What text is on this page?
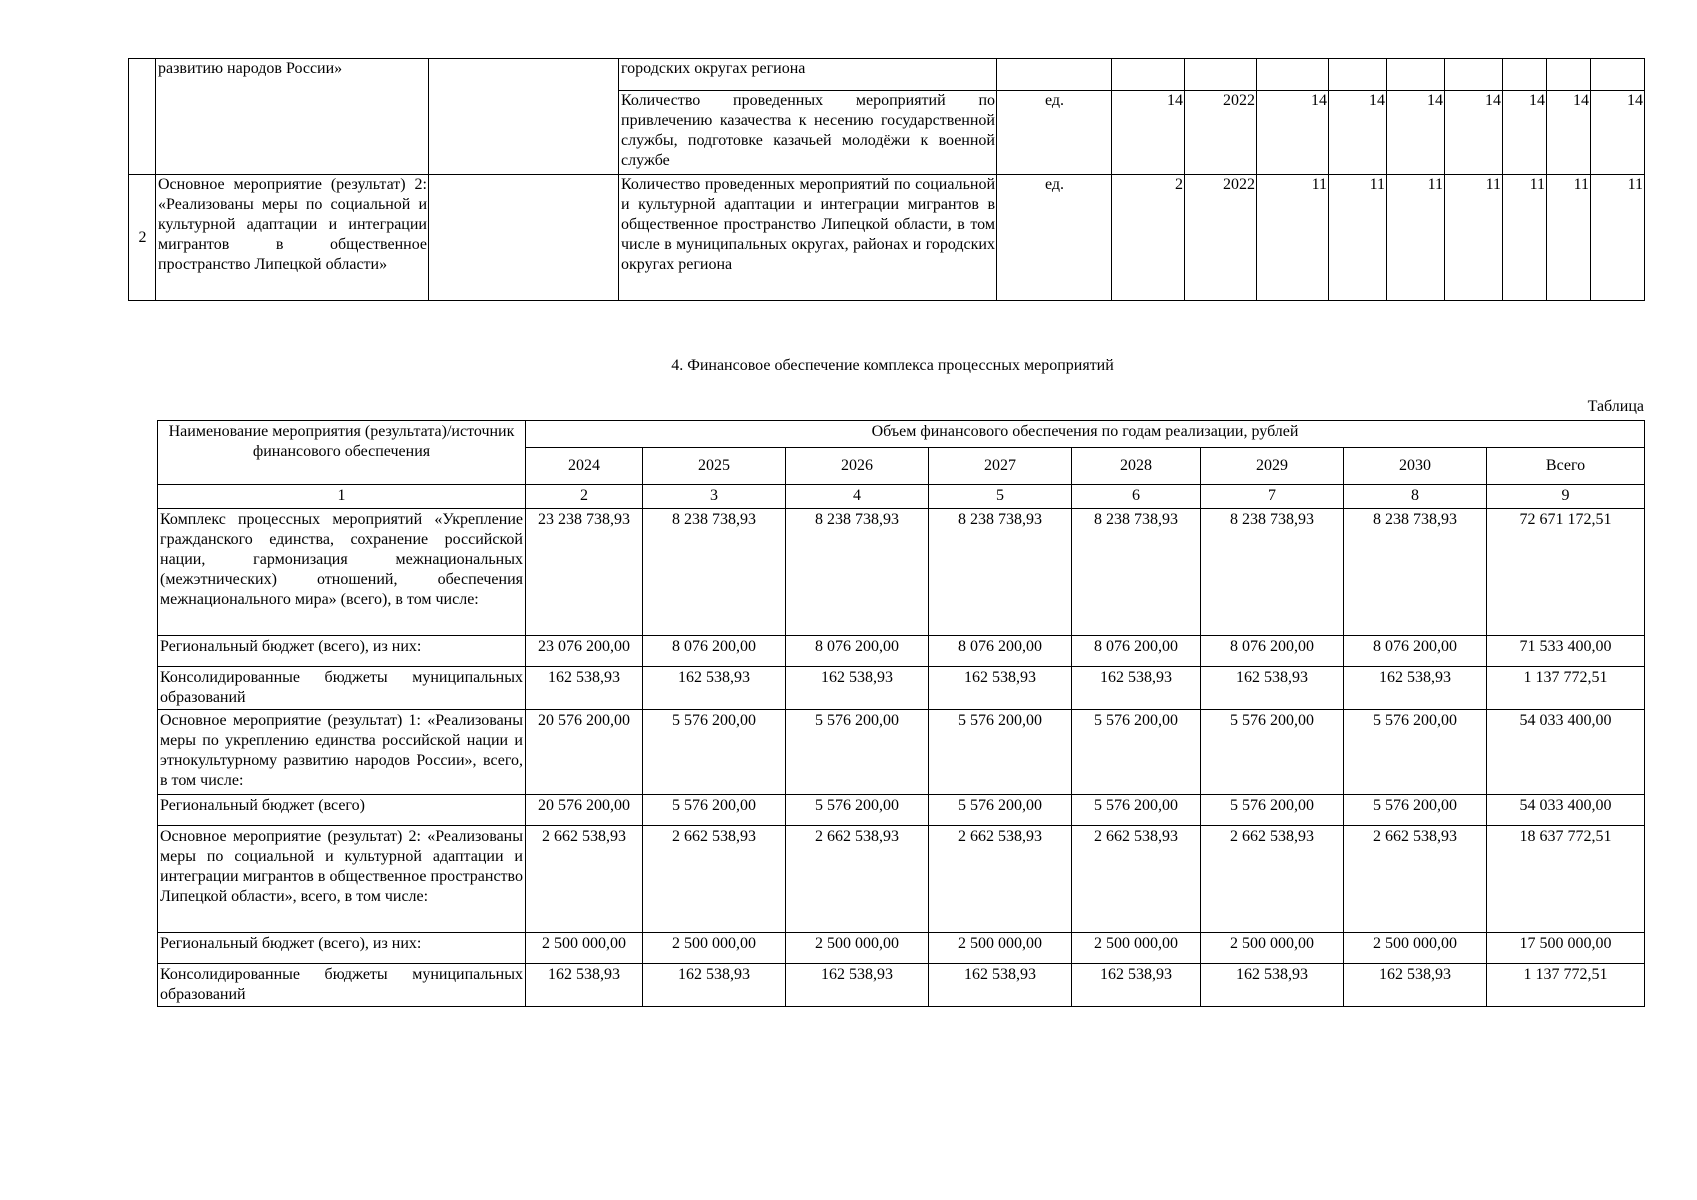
	развитию народов России»		городских округах региона										
			Количество проведенных мероприятий по привлечению казачества к несению государственной службы, подготовке казачьей молодёжи к военной службе	ед.	14	2022	14	14	14	14	14	14	14
2	Основное мероприятие (результат) 2: «Реализованы меры по социальной и культурной адаптации и интеграции мигрантов в общественное пространство Липецкой области»		Количество проведенных мероприятий по социальной и культурной адаптации и интеграции мигрантов в общественное пространство Липецкой области, в том числе в муниципальных округах, районах и городских округах региона	ед.	2	2022	11	11	11	11	11	11	11
4. Финансовое обеспечение комплекса процессных мероприятий
Таблица
Наименование мероприятия (результата)/источник финансового обеспечения	Объем финансового обеспечения по годам реализации, рублей							
	2024	2025	2026	2027	2028	2029	2030	Всего
1	2	3	4	5	6	7	8	9
Комплекс процессных мероприятий «Укрепление гражданского единства, сохранение российской нации, гармонизация межнациональных (межэтнических) отношений, обеспечения межнационального мира» (всего), в том числе:	23 238 738,93	8 238 738,93	8 238 738,93	8 238 738,93	8 238 738,93	8 238 738,93	8 238 738,93	72 671 172,51
Региональный бюджет (всего), из них:	23 076 200,00	8 076 200,00	8 076 200,00	8 076 200,00	8 076 200,00	8 076 200,00	8 076 200,00	71 533 400,00
Консолидированные бюджеты муниципальных образований	162 538,93	162 538,93	162 538,93	162 538,93	162 538,93	162 538,93	162 538,93	1 137 772,51
Основное мероприятие (результат) 1: «Реализованы меры по укреплению единства российской нации и этнокультурному развитию народов России», всего, в том числе:	20 576 200,00	5 576 200,00	5 576 200,00	5 576 200,00	5 576 200,00	5 576 200,00	5 576 200,00	54 033 400,00
Региональный бюджет (всего)	20 576 200,00	5 576 200,00	5 576 200,00	5 576 200,00	5 576 200,00	5 576 200,00	5 576 200,00	54 033 400,00
Основное мероприятие (результат) 2: «Реализованы меры по социальной и культурной адаптации и интеграции мигрантов в общественное пространство Липецкой области», всего, в том числе:	2 662 538,93	2 662 538,93	2 662 538,93	2 662 538,93	2 662 538,93	2 662 538,93	2 662 538,93	18 637 772,51
Региональный бюджет (всего), из них:	2 500 000,00	2 500 000,00	2 500 000,00	2 500 000,00	2 500 000,00	2 500 000,00	2 500 000,00	17 500 000,00
Консолидированные бюджеты муниципальных образований	162 538,93	162 538,93	162 538,93	162 538,93	162 538,93	162 538,93	162 538,93	1 137 772,51
